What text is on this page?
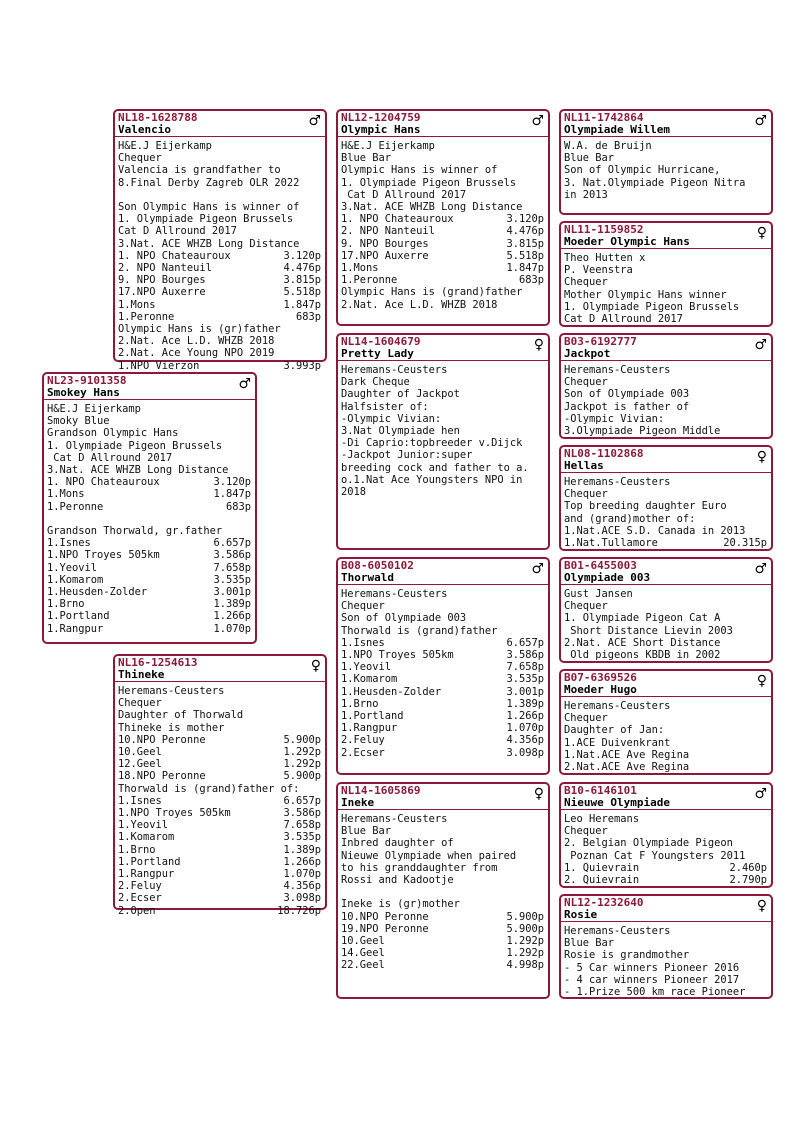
NL18-1628788
Valencio
♂
H&E.J Eijerkamp
Chequer
Valencia is grandfather to
8.Final Derby Zagreb OLR 2022
Son Olympic Hans is winner of
1. Olympiade Pigeon Brussels
Cat D Allround 2017
3.Nat. ACE WHZB Long Distance
1. NPO Chateauroux	3.120p
2. NPO Nanteuil	4.476p
9. NPO Bourges	3.815p
17.NPO Auxerre	5.518p
1.Mons	1.847p
1.Peronne	683p
Olympic Hans is (gr)father
2.Nat. Ace L.D. WHZB 2018
2.Nat. Ace Young NPO 2019
1.NPO Vierzon	3.993p
NL23-9101358
Smokey Hans
♂
H&E.J Eijerkamp
Smoky Blue
Grandson Olympic Hans
1. Olympiade Pigeon Brussels
Cat D Allround 2017
3.Nat. ACE WHZB Long Distance
1. NPO Chateauroux	3.120p
1.Mons	1.847p
1.Peronne	683p
Grandson Thorwald, gr.father
1.Isnes	6.657p
1.NPO Troyes 505km	3.586p
1.Yeovil	7.658p
1.Komarom	3.535p
1.Heusden-Zolder	3.001p
1.Brno	1.389p
1.Portland	1.266p
1.Rangpur	1.070p
NL16-1254613
Thineke
♀
Heremans-Ceusters
Chequer
Daughter of Thorwald
Thineke is mother
10.NPO Peronne	5.900p
10.Geel	1.292p
12.Geel	1.292p
18.NPO Peronne	5.900p
Thorwald is (grand)father of:
1.Isnes	6.657p
1.NPO Troyes 505km	3.586p
1.Yeovil	7.658p
1.Komarom	3.535p
1.Brno	1.389p
1.Portland	1.266p
1.Rangpur	1.070p
2.Feluy	4.356p
2.Ecser	3.098p
2.Open	18.726p
NL12-1204759
Olympic Hans
♂
H&E.J Eijerkamp
Blue Bar
Olympic Hans is winner of
1. Olympiade Pigeon Brussels
Cat D Allround 2017
3.Nat. ACE WHZB Long Distance
1. NPO Chateauroux	3.120p
2. NPO Nanteuil	4.476p
9. NPO Bourges	3.815p
17.NPO Auxerre	5.518p
1.Mons	1.847p
1.Peronne	683p
Olympic Hans is (grand)father
2.Nat. Ace L.D. WHZB 2018
NL14-1604679
Pretty Lady
♀
Heremans-Ceusters
Dark Cheque
Daughter of Jackpot
Halfsister of:
-Olympic Vivian:
3.Nat Olympiade hen
-Di Caprio:topbreeder v.Dijck
-Jackpot Junior:super
breeding cock and father to a.
o.1.Nat Ace Youngsters NPO in
2018
B08-6050102
Thorwald
♂
Heremans-Ceusters
Chequer
Son of Olympiade 003
Thorwald is (grand)father
1.Isnes	6.657p
1.NPO Troyes 505km	3.586p
1.Yeovil	7.658p
1.Komarom	3.535p
1.Heusden-Zolder	3.001p
1.Brno	1.389p
1.Portland	1.266p
1.Rangpur	1.070p
2.Feluy	4.356p
2.Ecser	3.098p
NL14-1605869
Ineke
♀
Heremans-Ceusters
Blue Bar
Inbred daughter of
Nieuwe Olympiade when paired
to his granddaughter from
Rossi and Kadootje
Ineke is (gr)mother
10.NPO Peronne	5.900p
19.NPO Peronne	5.900p
10.Geel	1.292p
14.Geel	1.292p
22.Geel	4.998p
NL11-1742864
Olympiade Willem
♂
W.A. de Bruijn
Blue Bar
Son of Olympic Hurricane,
3. Nat.Olympiade Pigeon Nitra
in 2013
NL11-1159852
Moeder Olympic Hans
♀
Theo Hutten x
P. Veenstra
Chequer
Mother Olympic Hans winner
1. Olympiade Pigeon Brussels
Cat D Allround 2017
B03-6192777
Jackpot
♂
Heremans-Ceusters
Chequer
Son of Olympiade 003
Jackpot is father of
-Olympic Vivian:
3.Olympiade Pigeon Middle
NL08-1102868
Hellas
♀
Heremans-Ceusters
Chequer
Top breeding daughter Euro
and (grand)mother of:
1.Nat.ACE S.D. Canada in 2013
1.Nat.Tullamore	20.315p
B01-6455003
Olympiade 003
♂
Gust Jansen
Chequer
1. Olympiade Pigeon Cat A
Short Distance Lievin 2003
2.Nat. ACE Short Distance
Old pigeons KBDB in 2002
B07-6369526
Moeder Hugo
♀
Heremans-Ceusters
Chequer
Daughter of Jan:
1.ACE Duivenkrant
1.Nat.ACE Ave Regina
2.Nat.ACE Ave Regina
B10-6146101
Nieuwe Olympiade
♂
Leo Heremans
Chequer
2. Belgian Olympiade Pigeon
Poznan Cat F Youngsters 2011
1. Quievrain	2.460p
2. Quievrain	2.790p
NL12-1232640
Rosie
♀
Heremans-Ceusters
Blue Bar
Rosie is grandmother
- 5 Car winners Pioneer 2016
- 4 car winners Pioneer 2017
- 1.Prize 500 km race Pioneer
